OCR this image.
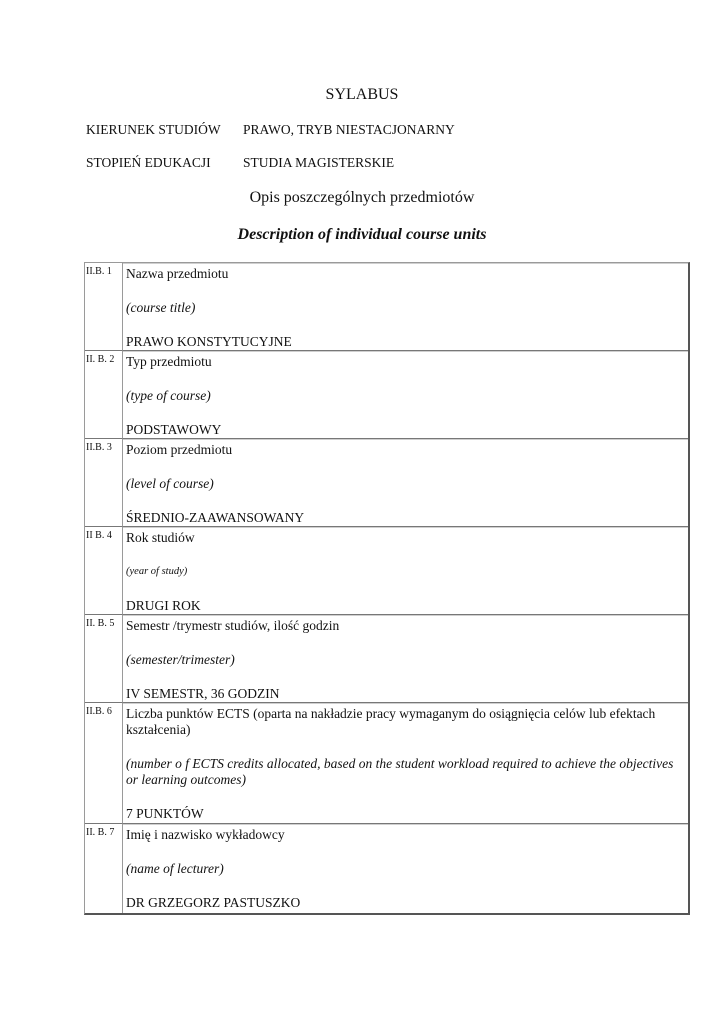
SYLABUS
KIERUNEK STUDIÓW PRAWO, TRYB NIESTACJONARNY
STOPIEŃ EDUKACJI STUDIA MAGISTERSKIE
Opis poszczególnych przedmiotów
Description of individual course units
II.B. 1	Nazwa przedmiotu
(course title)
PRAWO KONSTYTUCYJNE

II. B. 2	Typ przedmiotu
(type of course)
PODSTAWOWY

II.B. 3	Poziom przedmiotu
(level of course)
ŚREDNIO-ZAAWANSOWANY

II B. 4	Rok studiów
(year of study)
DRUGI ROK

II. B. 5	Semestr /trymestr studiów, ilość godzin
(semester/trimester)
IV SEMESTR, 36 GODZIN

II.B. 6	Liczba punktów ECTS (oparta na nakładzie pracy wymaganym do osiągnięcia celów lub efektach kształcenia)
(number o f ECTS credits allocated, based on the student workload required to achieve the objectives or learning outcomes)
7 PUNKTÓW

II. B. 7	Imię i nazwisko wykładowcy
(name of lecturer)
DR GRZEGORZ PASTUSZKO
